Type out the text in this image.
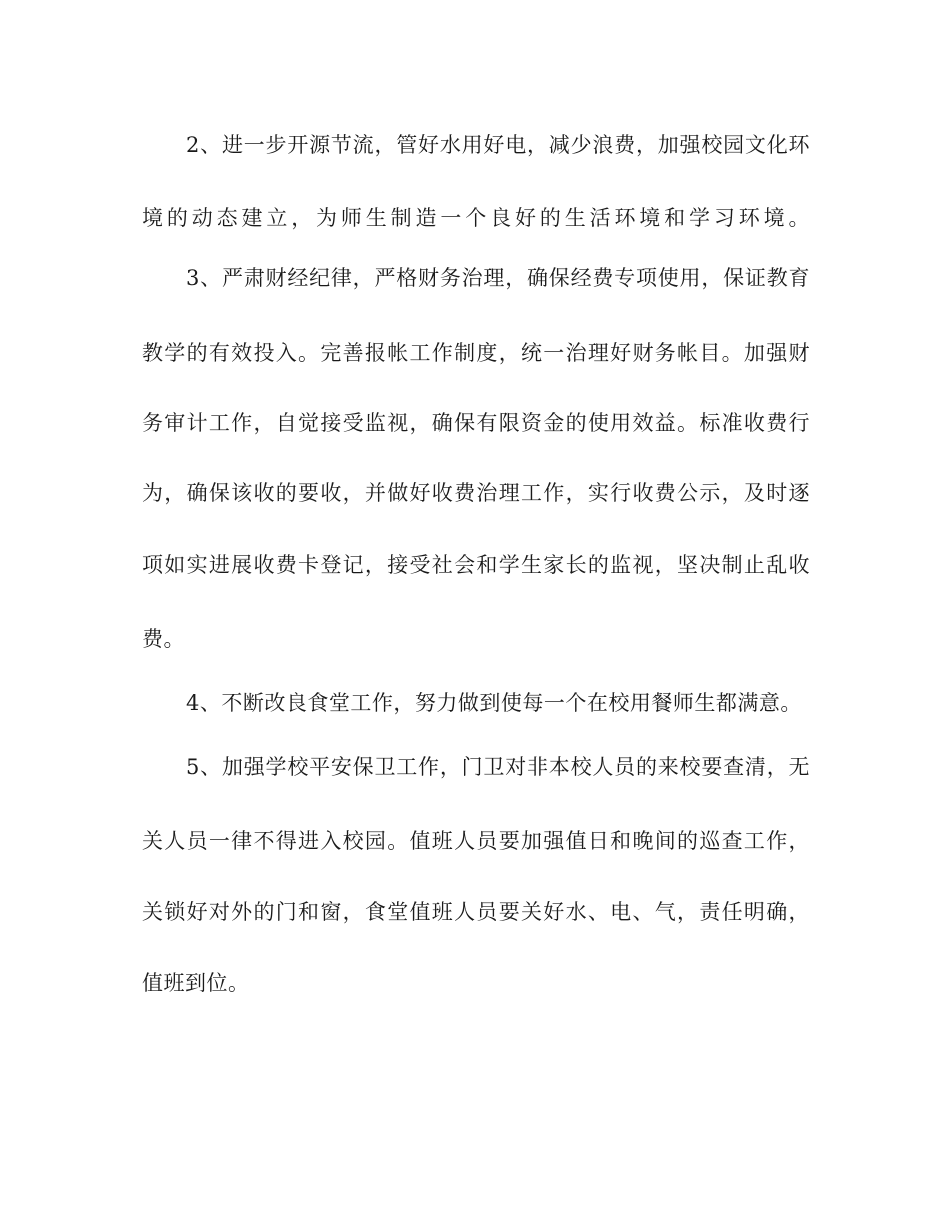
2、进一步开源节流，管好水用好电，减少浪费，加强校园文化环
境的动态建立，为师生制造一个良好的生活环境和学习环境。
3、严肃财经纪律，严格财务治理，确保经费专项使用，保证教育
教学的有效投入。完善报帐工作制度，统一治理好财务帐目。加强财
务审计工作，自觉接受监视，确保有限资金的使用效益。标准收费行
为，确保该收的要收，并做好收费治理工作，实行收费公示，及时逐
项如实进展收费卡登记，接受社会和学生家长的监视，坚决制止乱收
费。
4、不断改良食堂工作，努力做到使每一个在校用餐师生都满意。
5、加强学校平安保卫工作，门卫对非本校人员的来校要查清，无
关人员一律不得进入校园。值班人员要加强值日和晚间的巡查工作，
关锁好对外的门和窗，食堂值班人员要关好水、电、气，责任明确，
值班到位。
